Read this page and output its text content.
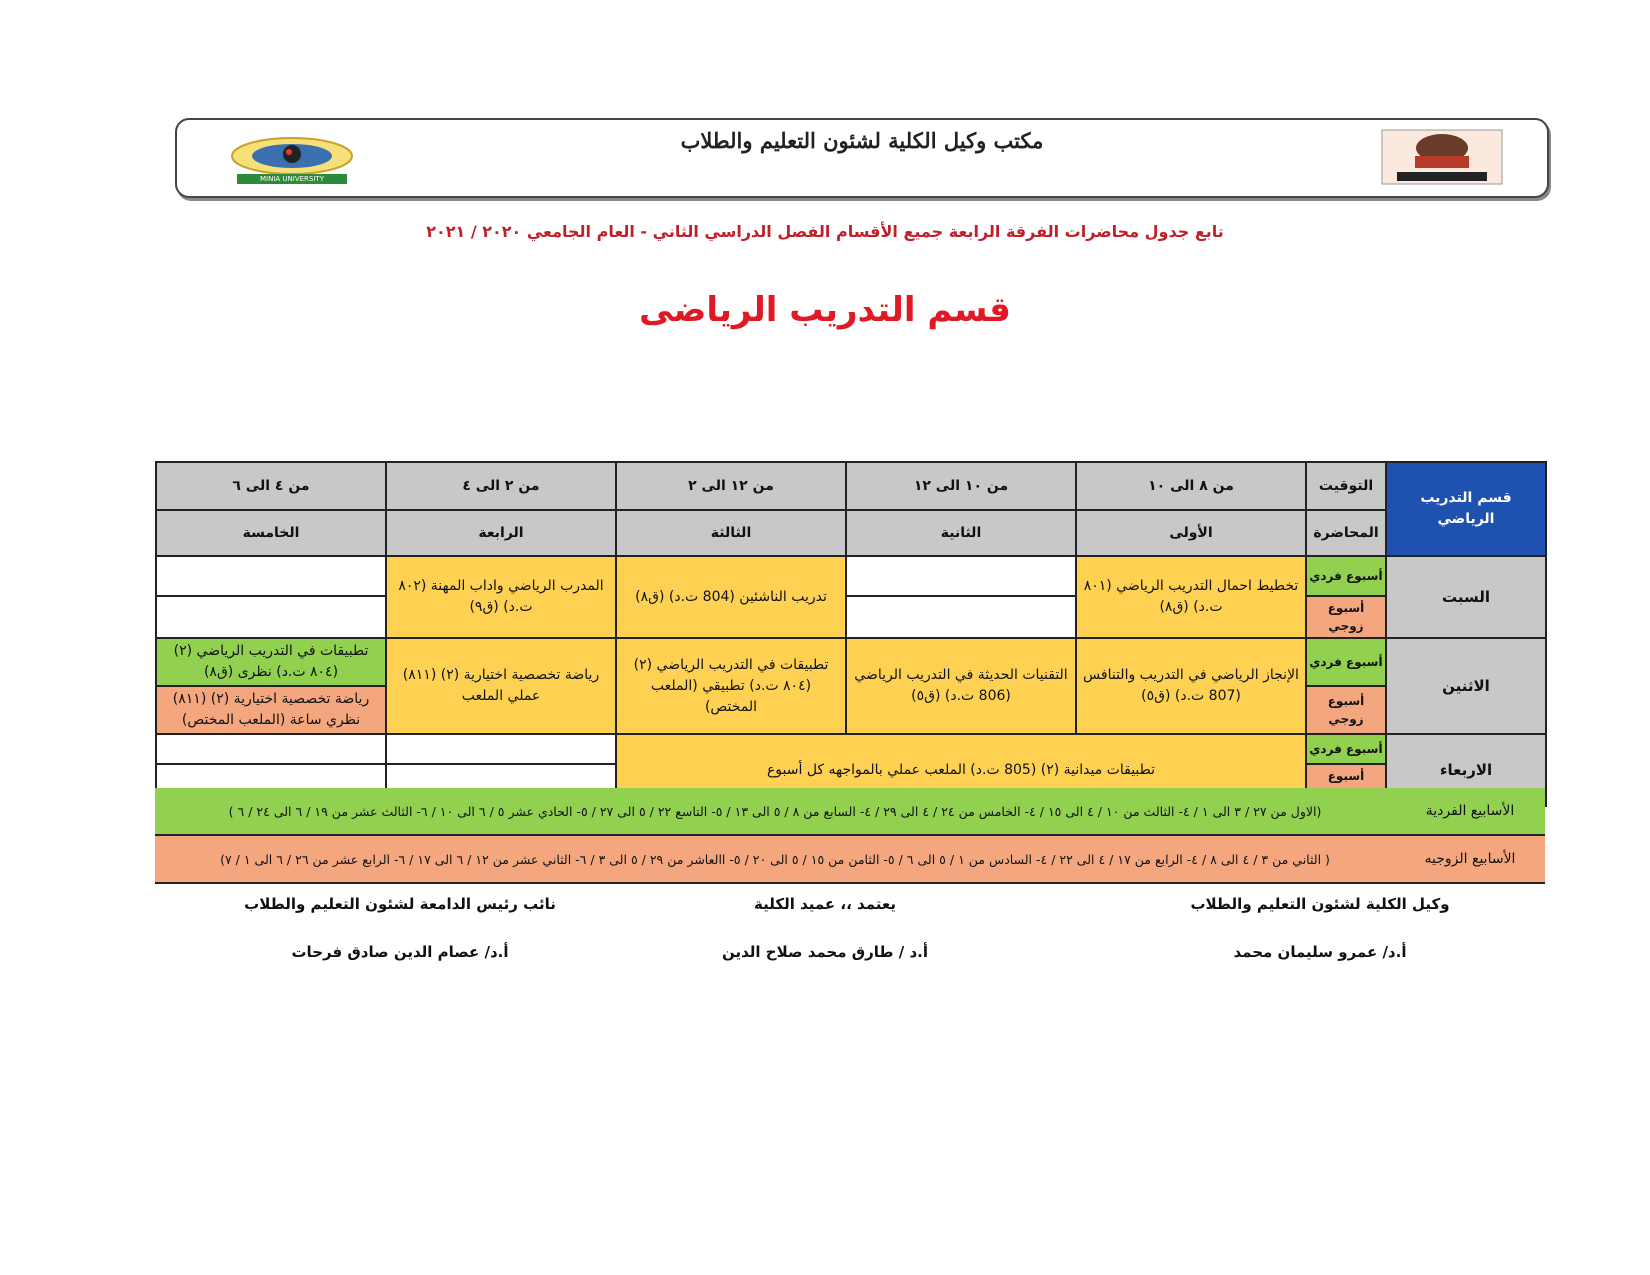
MINIA UNIVERSITY
مكتب وكيل الكلية لشئون التعليم والطلاب
تابع جدول محاضرات الفرقة الرابعة جميع الأقسام الفصل الدراسي الثاني - العام الجامعي ٢٠٢٠ / ٢٠٢١
قسم التدريب الرياضى
قسم التدريب الرياضي	التوقيت	من ٨ الى ١٠	من ١٠ الى ١٢	من ١٢ الى ٢	من ٢ الى ٤	من ٤ الى ٦
	المحاضرة	الأولى	الثانية	الثالثة	الرابعة	الخامسة
السبت	أسبوع فردي	تخطيط احمال التدريب الرياضي (٨٠١ ت.د) (ق٨)		تدريب الناشئين (804 ت.د) (ق٨)	المدرب الرياضي واداب المهنة (٨٠٢ ت.د) (ق٩)	
	أسبوع زوجي					
الاثنين	أسبوع فردي	الإنجاز الرياضي في التدريب والتنافس (807 ت.د) (ق٥)	التقنيات الحديثة في التدريب الرياضي (806 ت.د) (ق٥)	تطبيقات في التدريب الرياضي (٢) (٨٠٤ ت.د) تطبيقي (الملعب المختص)	رياضة تخصصية اختيارية (٢) (٨١١) عملي الملعب	تطبيقات في التدريب الرياضي (٢) (٨٠٤ ت.د) نظرى (ق٨)
	أسبوع زوجي					رياضة تخصصية اختيارية (٢) (٨١١) نظري ساعة (الملعب المختص)
الاربعاء	أسبوع فردي	تطبيقات ميدانية (٢) (805 ت.د) الملعب عملي بالمواجهه كل أسبوع				
	أسبوع					
الأسابيع الفردية
(الاول من ٢٧ / ٣ الى ١ / ٤- الثالث من ١٠ / ٤ الى ١٥ / ٤- الخامس من ٢٤ / ٤ الى ٢٩ / ٤- السابع من ٨ / ٥ الى ١٣ / ٥- التاسع ٢٢ / ٥ الى ٢٧ / ٥- الحادي عشر ٥ / ٦ الى ١٠ / ٦- الثالث عشر من ١٩ / ٦ الى ٢٤ / ٦ )
الأسابيع الزوجيه
( الثاني من ٣ / ٤ الى ٨ / ٤- الرابع من ١٧ / ٤ الى ٢٢ / ٤- السادس من ١ / ٥ الى ٦ / ٥- الثامن من ١٥ / ٥ الى ٢٠ / ٥- االعاشر من ٢٩ / ٥ الى ٣ / ٦- الثاني عشر من ١٢ / ٦ الى ١٧ / ٦- الرابع عشر من ٢٦ / ٦ الى ١ / ٧)
وكيل الكلية لشئون التعليم والطلاب
أ.د/ عمرو سليمان محمد
يعتمد ،، عميد الكلية
أ.د / طارق محمد صلاح الدين
نائب رئيس الدامعة لشئون التعليم والطلاب
أ.د/ عصام الدين صادق فرحات
